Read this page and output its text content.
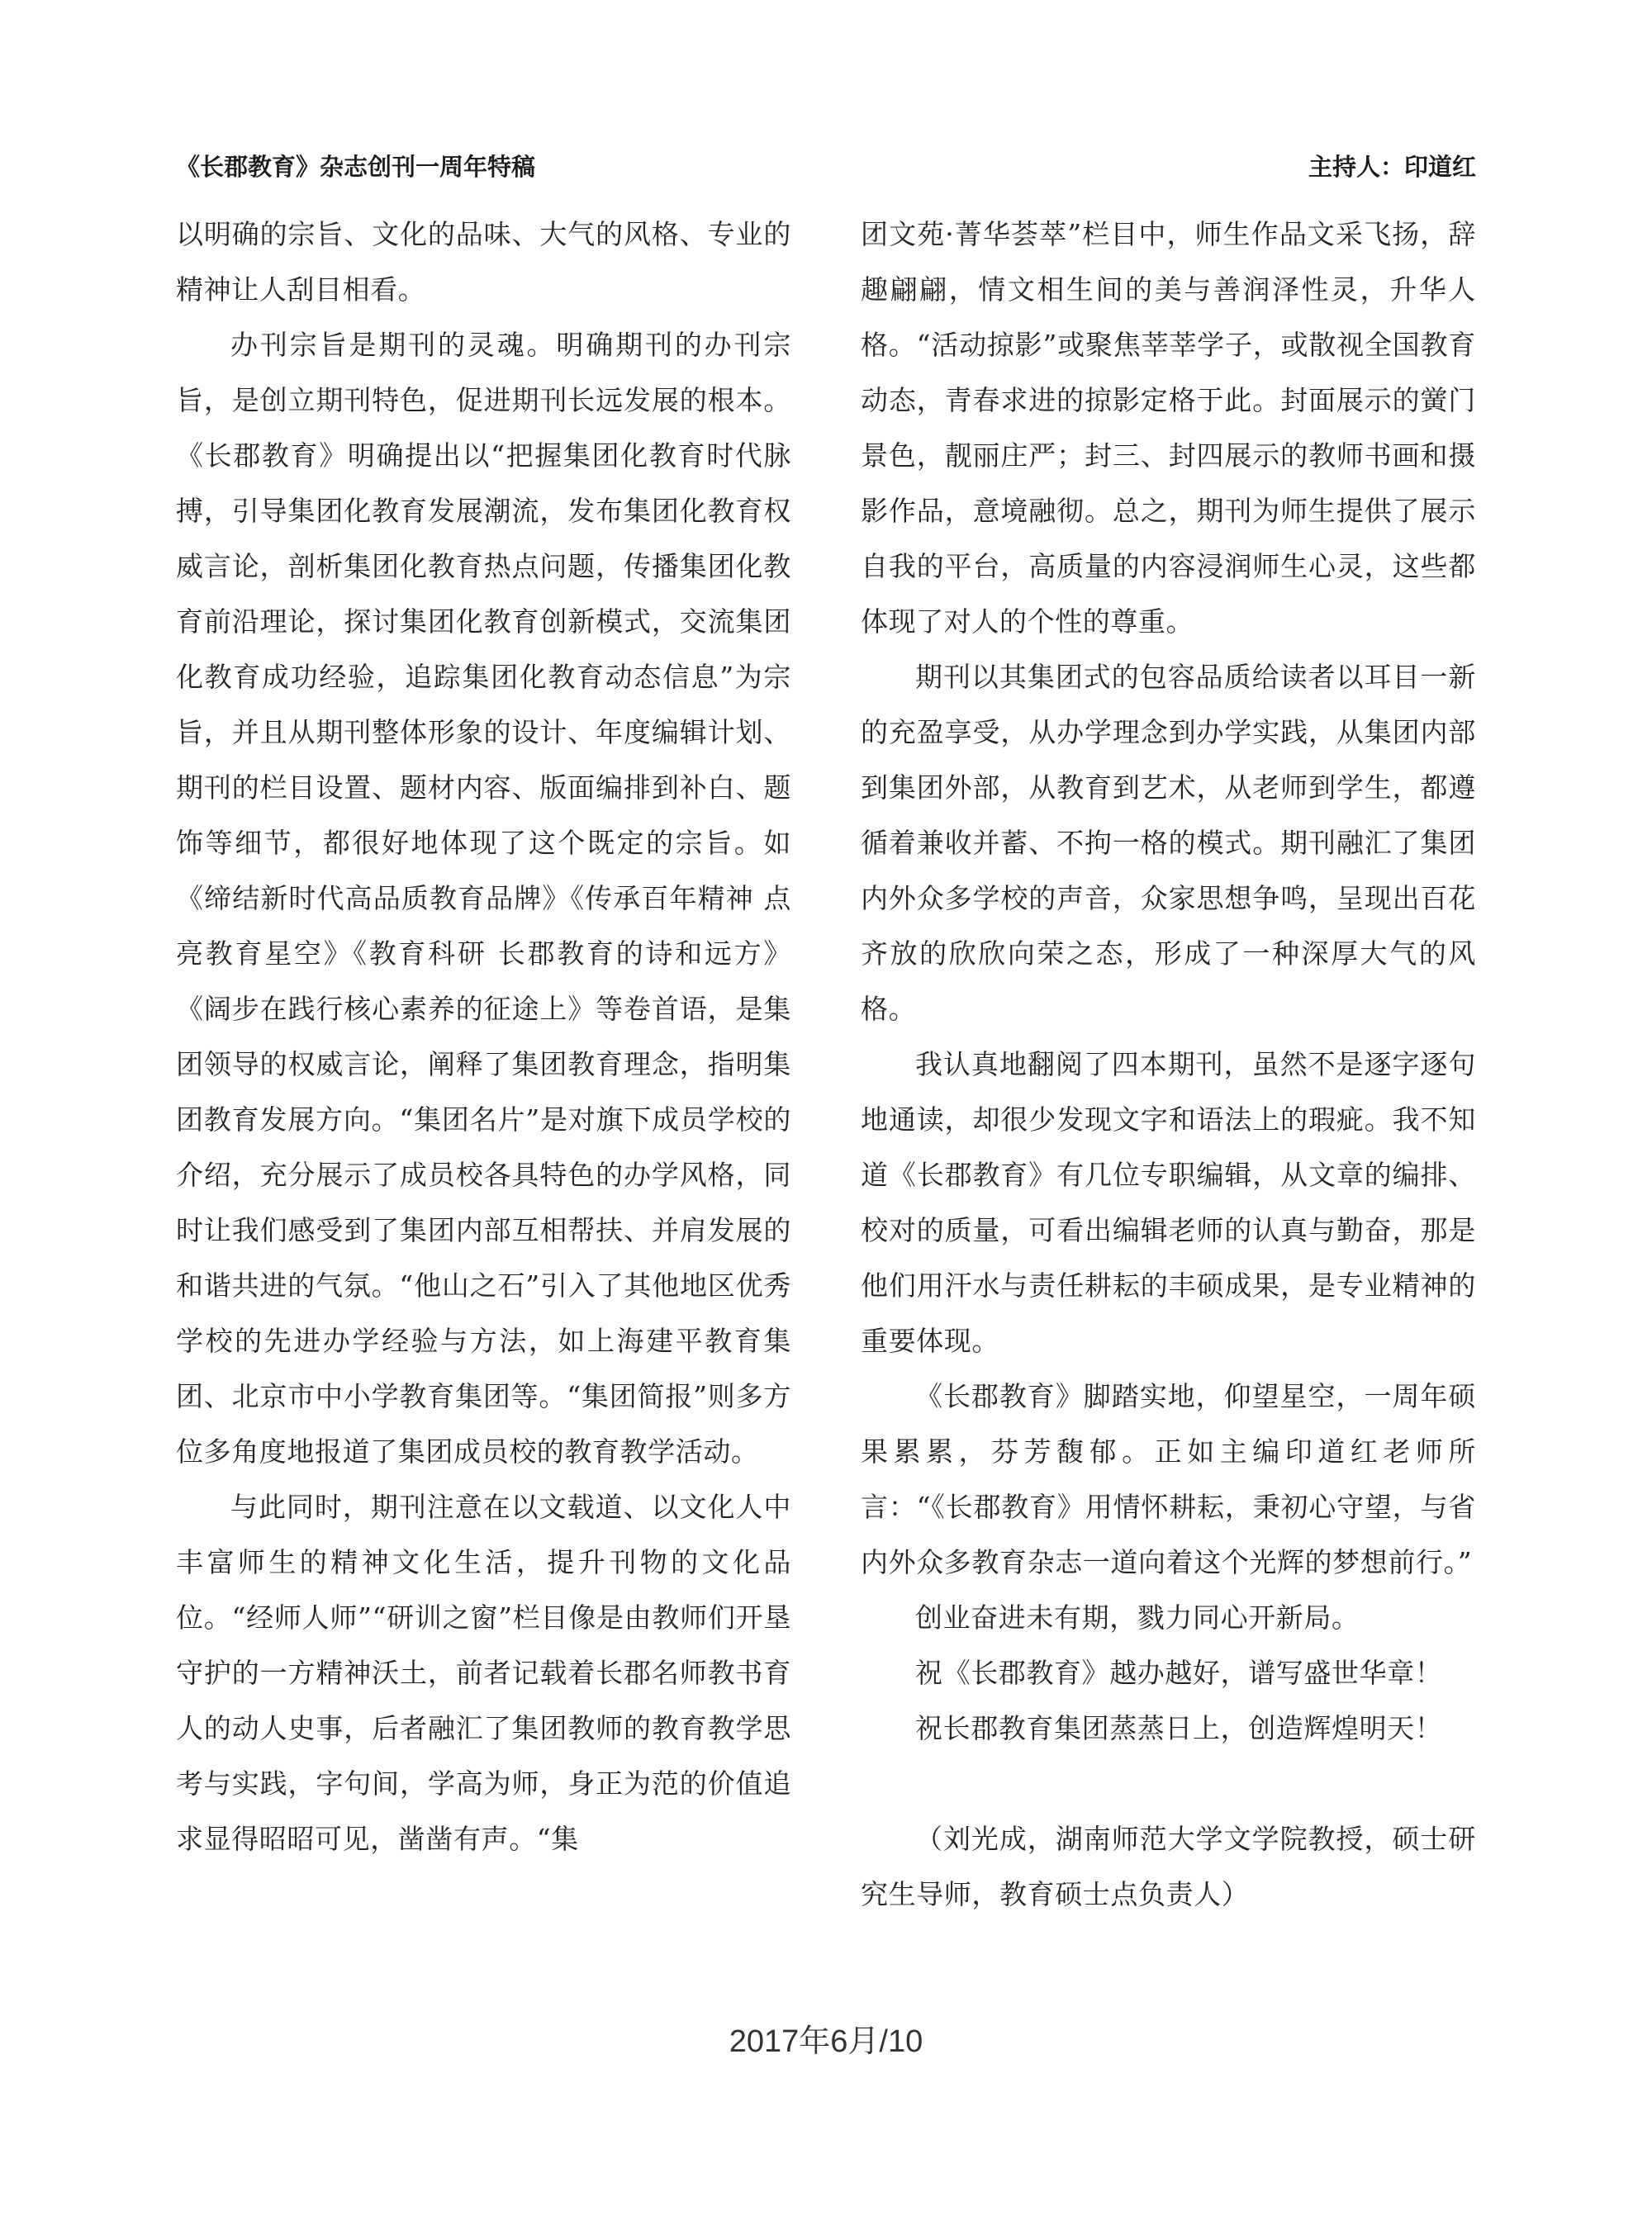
《长郡教育》杂志创刊一周年特稿	主持人：印道红

以明确的宗旨、文化的品味、大气的风格、专业的精神让人刮目相看。

办刊宗旨是期刊的灵魂。明确期刊的办刊宗旨，是创立期刊特色，促进期刊长远发展的根本。《长郡教育》明确提出以“把握集团化教育时代脉搏，引导集团化教育发展潮流，发布集团化教育权威言论，剖析集团化教育热点问题，传播集团化教育前沿理论，探讨集团化教育创新模式，交流集团化教育成功经验，追踪集团化教育动态信息”为宗旨，并且从期刊整体形象的设计、年度编辑计划、期刊的栏目设置、题材内容、版面编排到补白、题饰等细节，都很好地体现了这个既定的宗旨。如《缔结新时代高品质教育品牌》《传承百年精神 点亮教育星空》《教育科研 长郡教育的诗和远方》《阔步在践行核心素养的征途上》等卷首语，是集团领导的权威言论，阐释了集团教育理念，指明集团教育发展方向。“集团名片”是对旗下成员学校的介绍，充分展示了成员校各具特色的办学风格，同时让我们感受到了集团内部互相帮扶、并肩发展的和谐共进的气氛。“他山之石”引入了其他地区优秀学校的先进办学经验与方法，如上海建平教育集团、北京市中小学教育集团等。“集团简报”则多方位多角度地报道了集团成员校的教育教学活动。

与此同时，期刊注意在以文载道、以文化人中丰富师生的精神文化生活，提升刊物的文化品位。“经师人师”“研训之窗”栏目像是由教师们开垦守护的一方精神沃土，前者记载着长郡名师教书育人的动人史事，后者融汇了集团教师的教育教学思考与实践，字句间，学高为师，身正为范的价值追求显得昭昭可见，凿凿有声。“集

团文苑·菁华荟萃”栏目中，师生作品文采飞扬，辞趣翩翩，情文相生间的美与善润泽性灵，升华人格。“活动掠影”或聚焦莘莘学子，或散视全国教育动态，青春求进的掠影定格于此。封面展示的黉门景色，靓丽庄严；封三、封四展示的教师书画和摄影作品，意境融彻。总之，期刊为师生提供了展示自我的平台，高质量的内容浸润师生心灵，这些都体现了对人的个性的尊重。

期刊以其集团式的包容品质给读者以耳目一新的充盈享受，从办学理念到办学实践，从集团内部到集团外部，从教育到艺术，从老师到学生，都遵循着兼收并蓄、不拘一格的模式。期刊融汇了集团内外众多学校的声音，众家思想争鸣，呈现出百花齐放的欣欣向荣之态，形成了一种深厚大气的风格。

我认真地翻阅了四本期刊，虽然不是逐字逐句地通读，却很少发现文字和语法上的瑕疵。我不知道《长郡教育》有几位专职编辑，从文章的编排、校对的质量，可看出编辑老师的认真与勤奋，那是他们用汗水与责任耕耘的丰硕成果，是专业精神的重要体现。

《长郡教育》脚踏实地，仰望星空，一周年硕果累累，芬芳馥郁。正如主编印道红老师所言：“《长郡教育》用情怀耕耘，秉初心守望，与省内外众多教育杂志一道向着这个光辉的梦想前行。”

创业奋进未有期，戮力同心开新局。

祝《长郡教育》越办越好，谱写盛世华章！

祝长郡教育集团蒸蒸日上，创造辉煌明天！

（刘光成，湖南师范大学文学院教授，硕士研究生导师，教育硕士点负责人）

2017年6月/10
